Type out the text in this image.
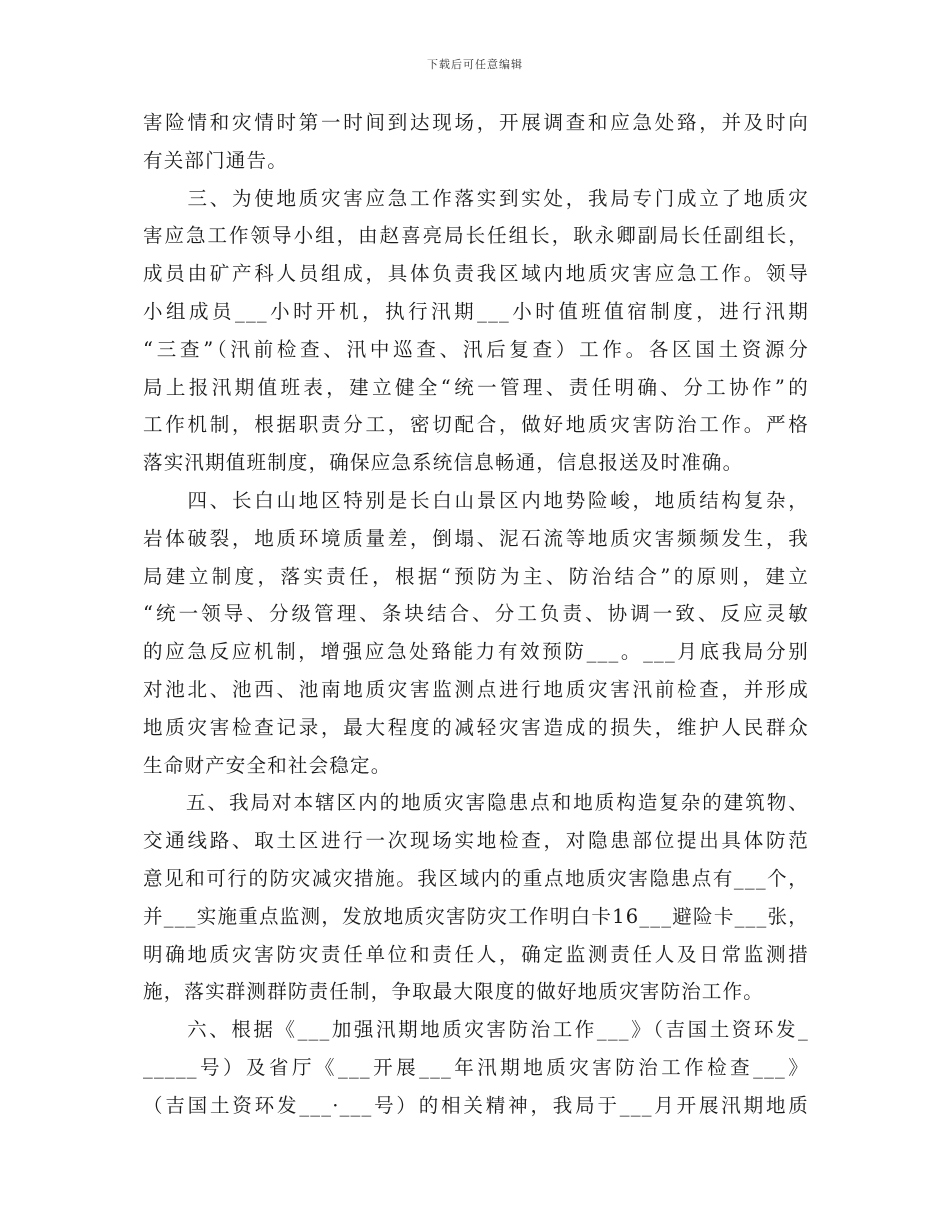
下载后可任意编辑

害险情和灾情时第一时间到达现场，开展调查和应急处臵，并及时向
有关部门通告。

　　三、为使地质灾害应急工作落实到实处，我局专门成立了地质灾
害应急工作领导小组，由赵喜亮局长任组长，耿永卿副局长任副组长，
成员由矿产科人员组成，具体负责我区域内地质灾害应急工作。领导
小组成员___小时开机，执行汛期___小时值班值宿制度，进行汛期
“三查”（汛前检查、汛中巡查、汛后复查）工作。各区国土资源分
局上报汛期值班表，建立健全“统一管理、责任明确、分工协作”的
工作机制，根据职责分工，密切配合，做好地质灾害防治工作。严格
落实汛期值班制度，确保应急系统信息畅通，信息报送及时准确。

　　四、长白山地区特别是长白山景区内地势险峻，地质结构复杂，
岩体破裂，地质环境质量差，倒塌、泥石流等地质灾害频频发生，我
局建立制度，落实责任，根据“预防为主、防治结合”的原则，建立
“统一领导、分级管理、条块结合、分工负责、协调一致、反应灵敏
的应急反应机制，增强应急处臵能力有效预防___。___月底我局分别
对池北、池西、池南地质灾害监测点进行地质灾害汛前检查，并形成
地质灾害检查记录，最大程度的减轻灾害造成的损失，维护人民群众
生命财产安全和社会稳定。

　　五、我局对本辖区内的地质灾害隐患点和地质构造复杂的建筑物、
交通线路、取土区进行一次现场实地检查，对隐患部位提出具体防范
意见和可行的防灾减灾措施。我区域内的重点地质灾害隐患点有___个，
并___实施重点监测，发放地质灾害防灾工作明白卡16___避险卡___张，
明确地质灾害防灾责任单位和责任人，确定监测责任人及日常监测措
施，落实群测群防责任制，争取最大限度的做好地质灾害防治工作。

　　六、根据《___加强汛期地质灾害防治工作___》（吉国土资环发_
_____号）及省厅《___开展___年汛期地质灾害防治工作检查___》
（吉国土资环发___·___号）的相关精神，我局于___月开展汛期地质
